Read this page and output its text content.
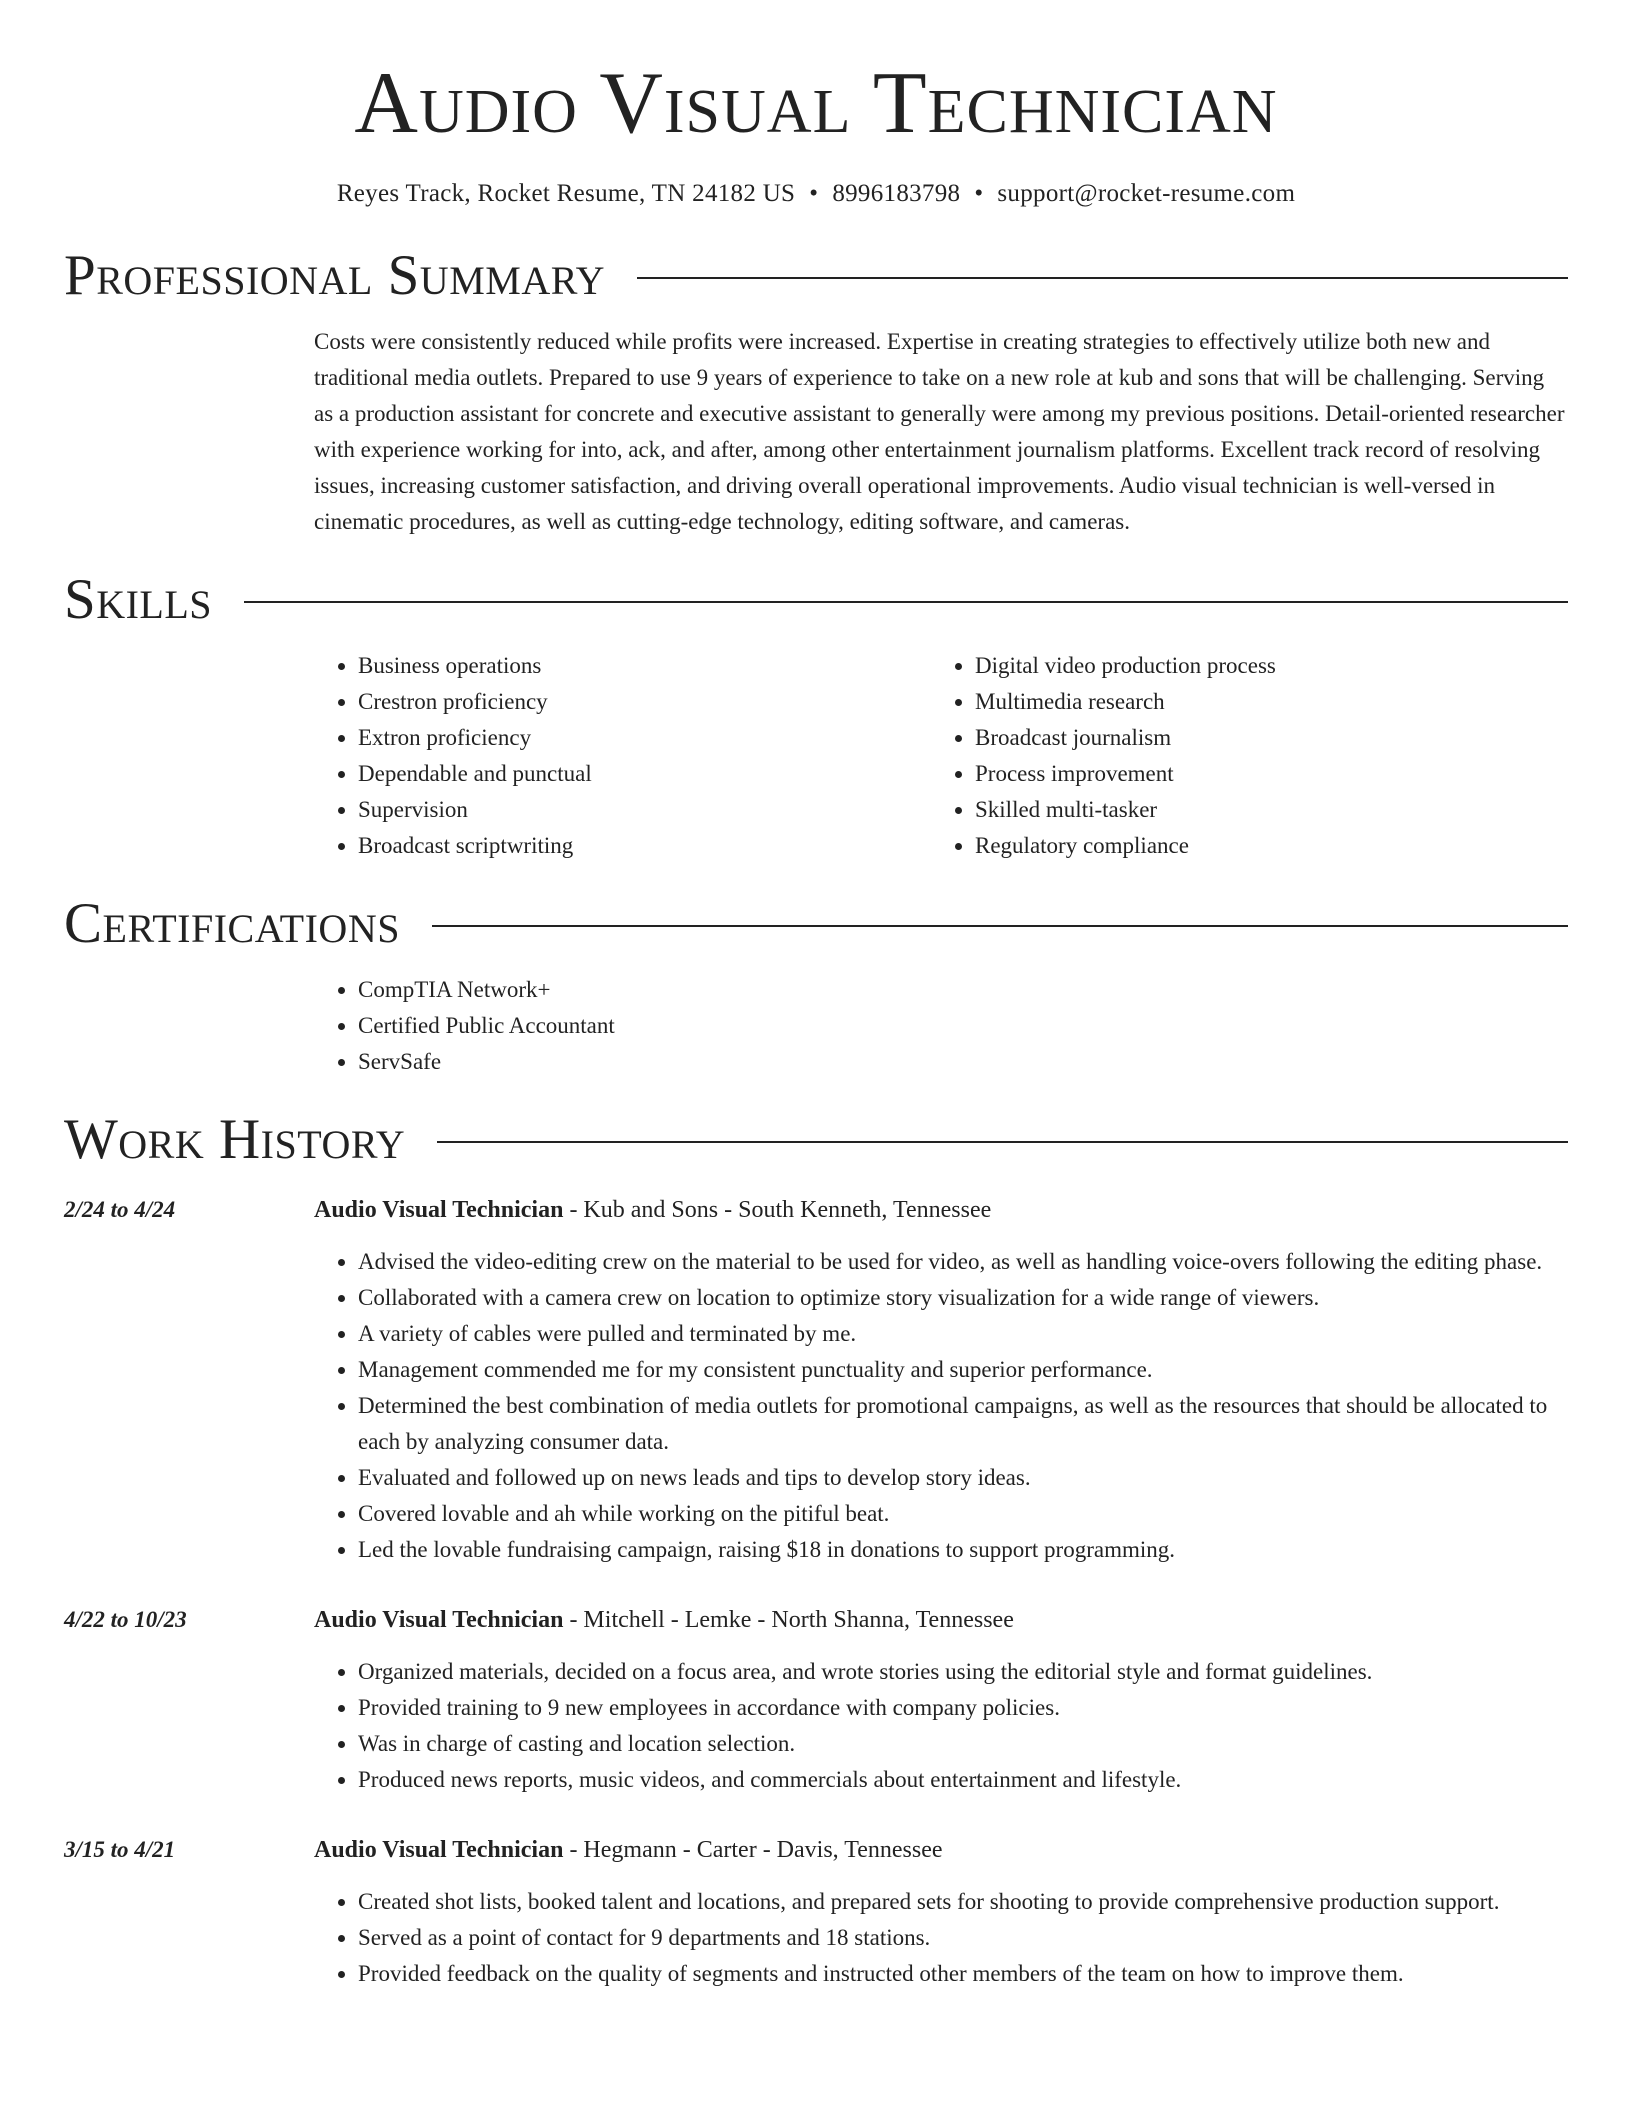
Audio Visual Technician
Reyes Track, Rocket Resume, TN 24182 US • 8996183798 • support@rocket-resume.com
Professional Summary
Costs were consistently reduced while profits were increased. Expertise in creating strategies to effectively utilize both new and traditional media outlets. Prepared to use 9 years of experience to take on a new role at kub and sons that will be challenging. Serving as a production assistant for concrete and executive assistant to generally were among my previous positions. Detail-oriented researcher with experience working for into, ack, and after, among other entertainment journalism platforms. Excellent track record of resolving issues, increasing customer satisfaction, and driving overall operational improvements. Audio visual technician is well-versed in cinematic procedures, as well as cutting-edge technology, editing software, and cameras.
Skills
• Business operations
• Crestron proficiency
• Extron proficiency
• Dependable and punctual
• Supervision
• Broadcast scriptwriting
• Digital video production process
• Multimedia research
• Broadcast journalism
• Process improvement
• Skilled multi-tasker
• Regulatory compliance
Certifications
• CompTIA Network+
• Certified Public Accountant
• ServSafe
Work History
2/24 to 4/24	Audio Visual Technician - Kub and Sons - South Kenneth, Tennessee
• Advised the video-editing crew on the material to be used for video, as well as handling voice-overs following the editing phase.
• Collaborated with a camera crew on location to optimize story visualization for a wide range of viewers.
• A variety of cables were pulled and terminated by me.
• Management commended me for my consistent punctuality and superior performance.
• Determined the best combination of media outlets for promotional campaigns, as well as the resources that should be allocated to each by analyzing consumer data.
• Evaluated and followed up on news leads and tips to develop story ideas.
• Covered lovable and ah while working on the pitiful beat.
• Led the lovable fundraising campaign, raising $18 in donations to support programming.
4/22 to 10/23	Audio Visual Technician - Mitchell - Lemke - North Shanna, Tennessee
• Organized materials, decided on a focus area, and wrote stories using the editorial style and format guidelines.
• Provided training to 9 new employees in accordance with company policies.
• Was in charge of casting and location selection.
• Produced news reports, music videos, and commercials about entertainment and lifestyle.
3/15 to 4/21	Audio Visual Technician - Hegmann - Carter - Davis, Tennessee
• Created shot lists, booked talent and locations, and prepared sets for shooting to provide comprehensive production support.
• Served as a point of contact for 9 departments and 18 stations.
• Provided feedback on the quality of segments and instructed other members of the team on how to improve them.
